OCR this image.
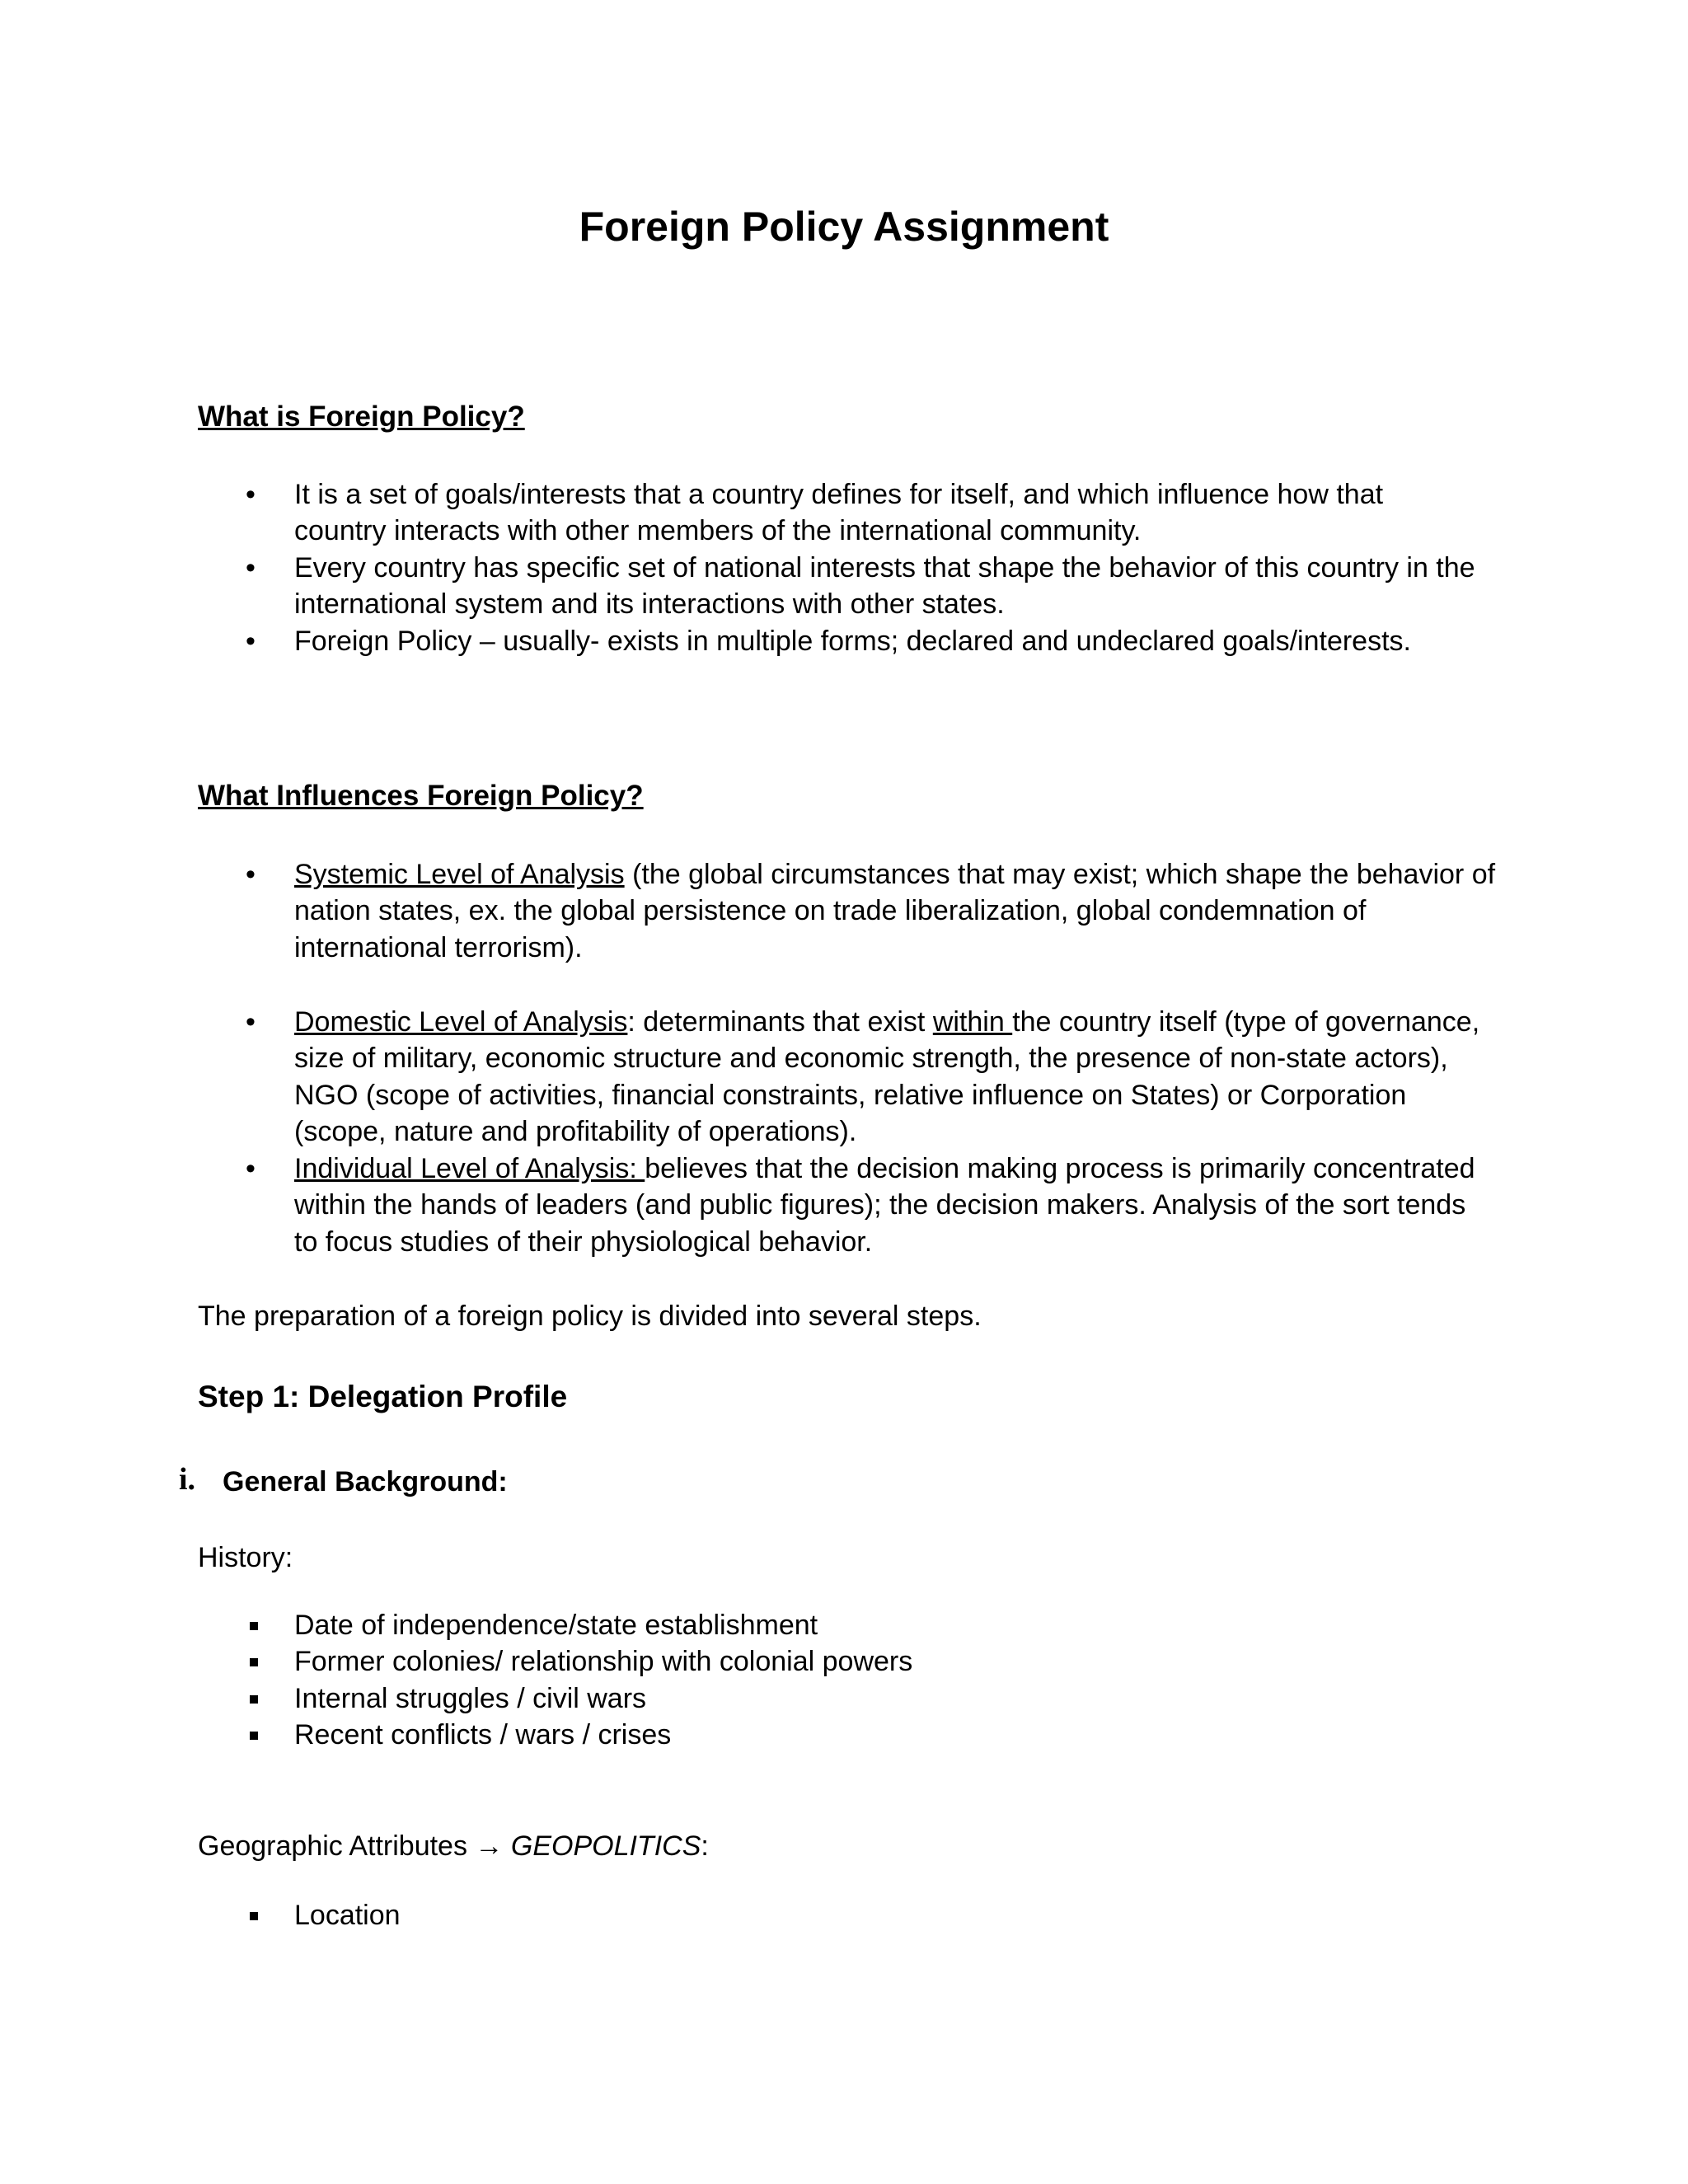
Foreign Policy Assignment
What is Foreign Policy?
• It is a set of goals/interests that a country defines for itself, and which influence how that
country interacts with other members of the international community.
• Every country has specific set of national interests that shape the behavior of this country in the
international system and its interactions with other states.
• Foreign Policy – usually- exists in multiple forms; declared and undeclared goals/interests.
What Influences Foreign Policy?
• Systemic Level of Analysis (the global circumstances that may exist; which shape the behavior of
nation states, ex. the global persistence on trade liberalization, global condemnation of
international terrorism).
• Domestic Level of Analysis: determinants that exist within the country itself (type of governance,
size of military, economic structure and economic strength, the presence of non-state actors),
NGO (scope of activities, financial constraints, relative influence on States) or Corporation
(scope, nature and profitability of operations).
• Individual Level of Analysis: believes that the decision making process is primarily concentrated
within the hands of leaders (and public figures); the decision makers. Analysis of the sort tends
to focus studies of their physiological behavior.
The preparation of a foreign policy is divided into several steps.
Step 1: Delegation Profile
i. General Background:
History:
Date of independence/state establishment
Former colonies/ relationship with colonial powers
Internal struggles / civil wars
Recent conflicts / wars / crises
Geographic Attributes → GEOPOLITICS:
Location
